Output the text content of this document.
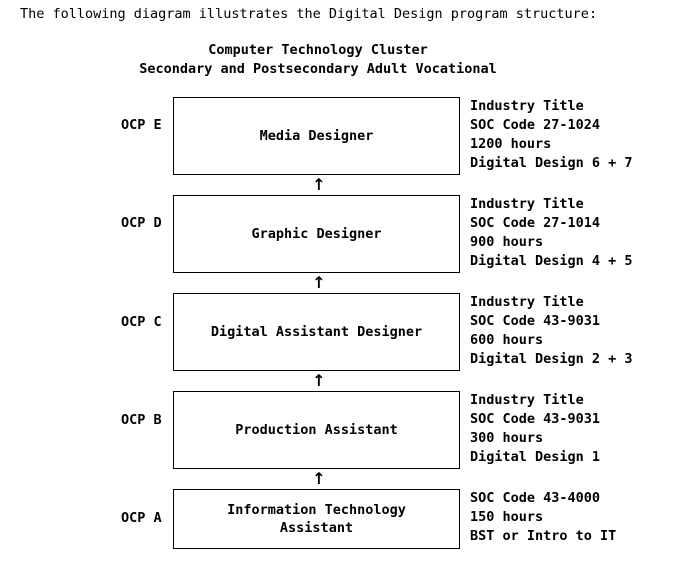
The following diagram illustrates the Digital Design program structure:
Computer Technology Cluster
Secondary and Postsecondary Adult Vocational
OCP E
Media Designer
Industry Title
SOC Code 27-1024
1200 hours
Digital Design 6 + 7
↑
OCP D
Graphic Designer
Industry Title
SOC Code 27-1014
900 hours
Digital Design 4 + 5
↑
OCP C
Digital Assistant Designer
Industry Title
SOC Code 43-9031
600 hours
Digital Design 2 + 3
↑
OCP B
Production Assistant
Industry Title
SOC Code 43-9031
300 hours
Digital Design 1
↑
OCP A	Information Technology
Assistant
SOC Code 43-4000
150 hours
BST or Intro to IT
